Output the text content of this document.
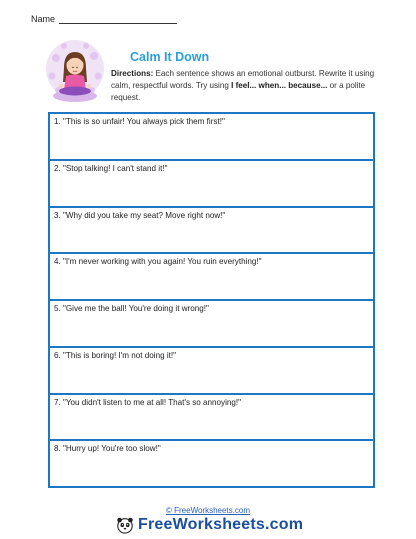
Name
Calm It Down
Directions: Each sentence shows an emotional outburst. Rewrite it using calm, respectful words. Try using I feel... when... because... or a polite request.
1. "This is so unfair! You always pick them first!"
2. "Stop talking! I can't stand it!"
3. "Why did you take my seat? Move right now!"
4. "I'm never working with you again! You ruin everything!"
5. "Give me the ball! You're doing it wrong!"
6. "This is boring! I'm not doing it!"
7. "You didn't listen to me at all! That's so annoying!"
8. "Hurry up! You're too slow!"
© FreeWorksheets.com
FreeWorksheets.com
